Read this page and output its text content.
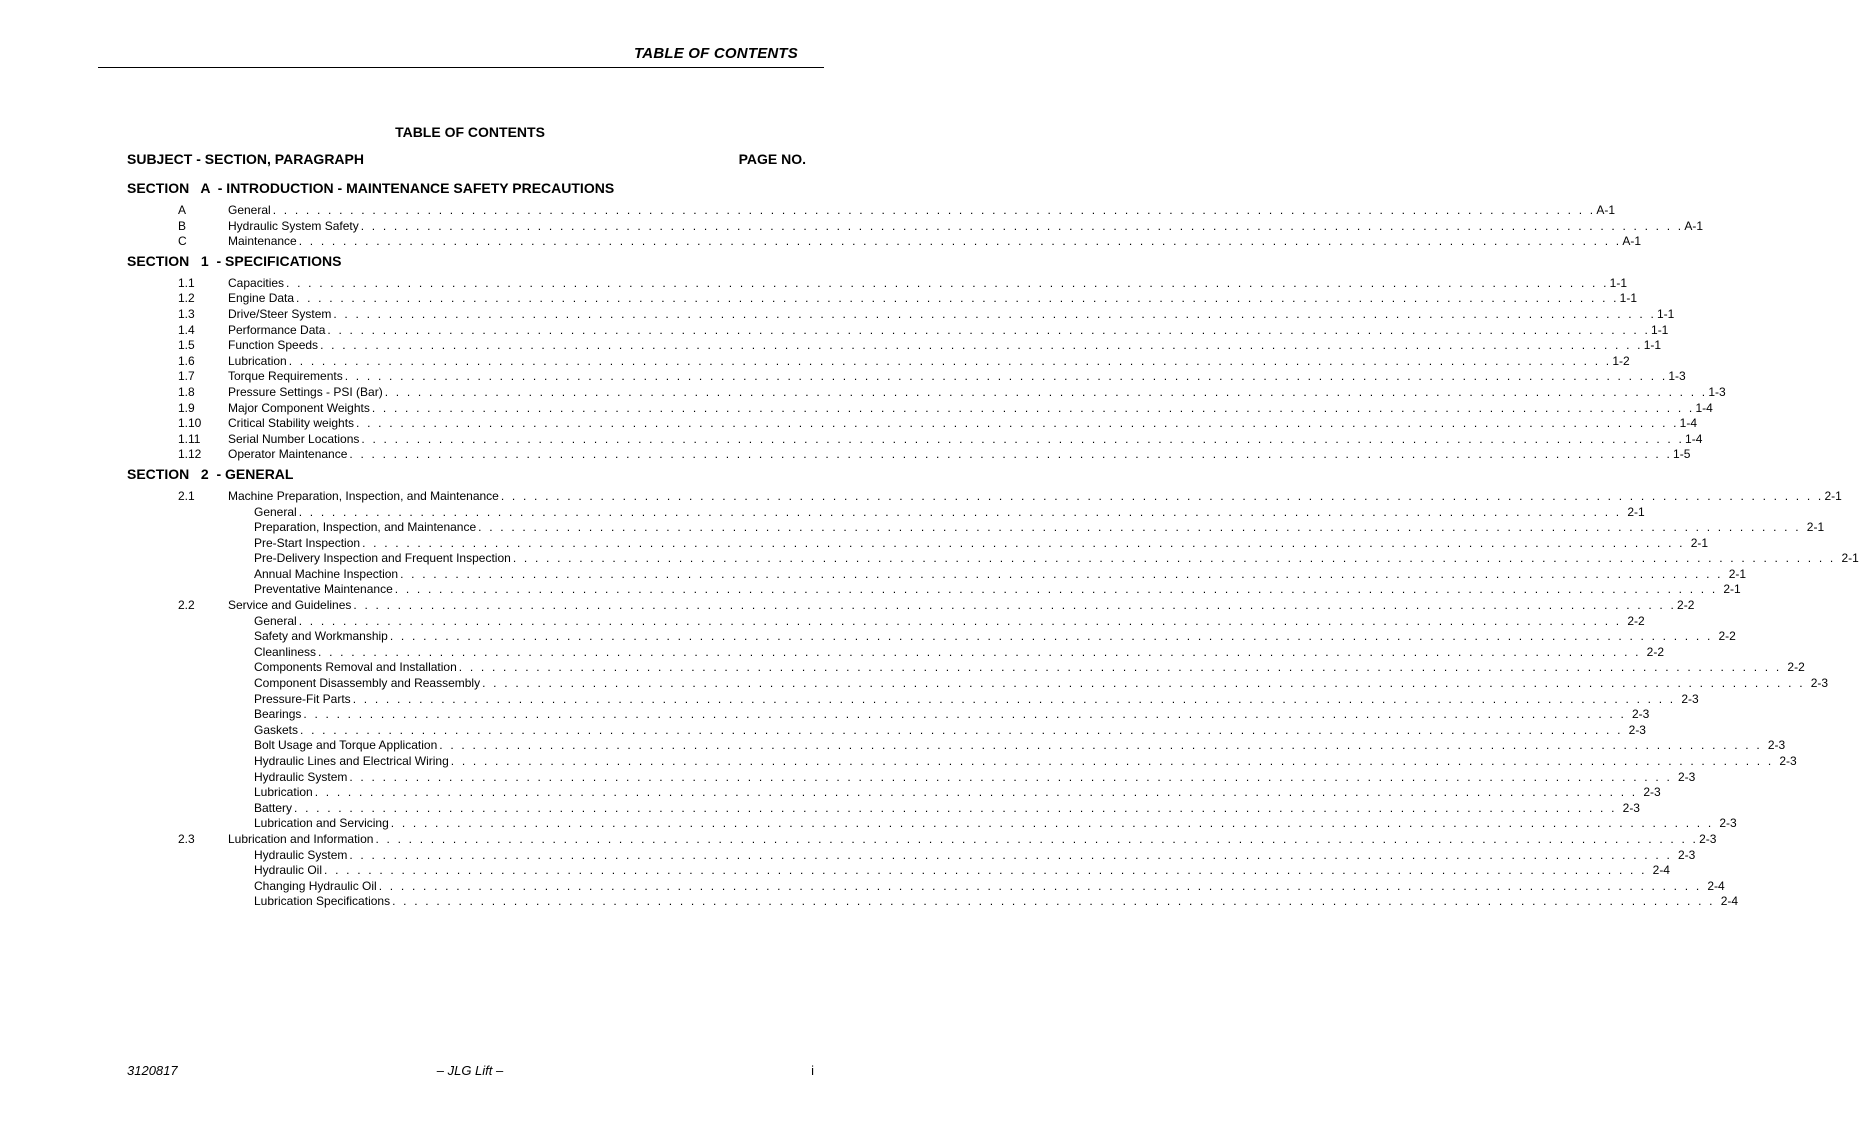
TABLE OF CONTENTS
TABLE OF CONTENTS
SUBJECT - SECTION, PARAGRAPH	PAGE NO.
SECTION   A  - INTRODUCTION - MAINTENANCE SAFETY PRECAUTIONS
A	General . . . . . . . . . . . . . . . . . . . . . . . . . . . . . . . . . . . . . . . . . . . . . . . . . . . . . . . . . . . . . . . . . . . . . . . . . . . . . . . . . . . . . . . . . . . . . . . . . . . . . . . . . . . . . . . . . . . . . . . . A-1
B	Hydraulic System Safety . . . . . . . . . . . . . . . . . . . . . . . . . . . . . . . . . . . . . . . . . . . . . . . . . . . . . . . . . . . . . . . . . . . . . . . . . . . . . . . . . . . . . . . . . . . . . . . . . . . . . . . . . . . . . . . . . . . . . . . . A-1
C	Maintenance . . . . . . . . . . . . . . . . . . . . . . . . . . . . . . . . . . . . . . . . . . . . . . . . . . . . . . . . . . . . . . . . . . . . . . . . . . . . . . . . . . . . . . . . . . . . . . . . . . . . . . . . . . . . . . . . . . . . . . . . A-1
SECTION   1  - SPECIFICATIONS
1.1	Capacities . . . . . . . . . . . . . . . . . . . . . . . . . . . . . . . . . . . . . . . . . . . . . . . . . . . . . . . . . . . . . . . . . . . . . . . . . . . . . . . . . . . . . . . . . . . . . . . . . . . . . . . . . . . . . . . . . . . . . . . . 1-1
1.2	Engine Data . . . . . . . . . . . . . . . . . . . . . . . . . . . . . . . . . . . . . . . . . . . . . . . . . . . . . . . . . . . . . . . . . . . . . . . . . . . . . . . . . . . . . . . . . . . . . . . . . . . . . . . . . . . . . . . . . . . . . . . . 1-1
1.3	Drive/Steer System . . . . . . . . . . . . . . . . . . . . . . . . . . . . . . . . . . . . . . . . . . . . . . . . . . . . . . . . . . . . . . . . . . . . . . . . . . . . . . . . . . . . . . . . . . . . . . . . . . . . . . . . . . . . . . . . . . . . . . . . 1-1
1.4	Performance Data . . . . . . . . . . . . . . . . . . . . . . . . . . . . . . . . . . . . . . . . . . . . . . . . . . . . . . . . . . . . . . . . . . . . . . . . . . . . . . . . . . . . . . . . . . . . . . . . . . . . . . . . . . . . . . . . . . . . . . . . 1-1
1.5	Function Speeds . . . . . . . . . . . . . . . . . . . . . . . . . . . . . . . . . . . . . . . . . . . . . . . . . . . . . . . . . . . . . . . . . . . . . . . . . . . . . . . . . . . . . . . . . . . . . . . . . . . . . . . . . . . . . . . . . . . . . . . . 1-1
1.6	Lubrication . . . . . . . . . . . . . . . . . . . . . . . . . . . . . . . . . . . . . . . . . . . . . . . . . . . . . . . . . . . . . . . . . . . . . . . . . . . . . . . . . . . . . . . . . . . . . . . . . . . . . . . . . . . . . . . . . . . . . . . . 1-2
1.7	Torque Requirements . . . . . . . . . . . . . . . . . . . . . . . . . . . . . . . . . . . . . . . . . . . . . . . . . . . . . . . . . . . . . . . . . . . . . . . . . . . . . . . . . . . . . . . . . . . . . . . . . . . . . . . . . . . . . . . . . . . . . . . . 1-3
1.8	Pressure Settings - PSI (Bar) . . . . . . . . . . . . . . . . . . . . . . . . . . . . . . . . . . . . . . . . . . . . . . . . . . . . . . . . . . . . . . . . . . . . . . . . . . . . . . . . . . . . . . . . . . . . . . . . . . . . . . . . . . . . . . . . . . . . . . . . 1-3
1.9	Major Component Weights . . . . . . . . . . . . . . . . . . . . . . . . . . . . . . . . . . . . . . . . . . . . . . . . . . . . . . . . . . . . . . . . . . . . . . . . . . . . . . . . . . . . . . . . . . . . . . . . . . . . . . . . . . . . . . . . . . . . . . . . 1-4
1.10 Critical Stability weights . . . . . . . . . . . . . . . . . . . . . . . . . . . . . . . . . . . . . . . . . . . . . . . . . . . . . . . . . . . . . . . . . . . . . . . . . . . . . . . . . . . . . . . . . . . . . . . . . . . . . . . . . . . . . . . . . . . . . . . . 1-4
1.11 Serial Number Locations . . . . . . . . . . . . . . . . . . . . . . . . . . . . . . . . . . . . . . . . . . . . . . . . . . . . . . . . . . . . . . . . . . . . . . . . . . . . . . . . . . . . . . . . . . . . . . . . . . . . . . . . . . . . . . . . . . . . . . . . 1-4
1.12 Operator Maintenance . . . . . . . . . . . . . . . . . . . . . . . . . . . . . . . . . . . . . . . . . . . . . . . . . . . . . . . . . . . . . . . . . . . . . . . . . . . . . . . . . . . . . . . . . . . . . . . . . . . . . . . . . . . . . . . . . . . . . . . . 1-5
SECTION   2  - GENERAL
2.1	Machine Preparation, Inspection, and Maintenance . . . . . . . . . . . . . . . . . . . . . . . . . . . . . . . . . . . . . . . . . . . . . . . . . . . . . . . . . . . . . . . . . . . . . . . . . . . . . . . . . . . . . . . . . . . . . . . . . . . . . . . . . . . . . . . . . . . . . . . . 2-1
General . . . . . . . . . . . . . . . . . . . . . . . . . . . . . . . . . . . . . . . . . . . . . . . . . . . . . . . . . . . . . . . . . . . . . . . . . . . . . . . . . . . . . . . . . . . . . . . . . . . . . . . . . . . . . . . . . . . . . . . . 2-1
Preparation, Inspection, and Maintenance . . . . . . . . . . . . . . . . . . . . . . . . . . . . . . . . . . . . . . . . . . . . . . . . . . . . . . . . . . . . . . . . . . . . . . . . . . . . . . . . . . . . . . . . . . . . . . . . . . . . . . . . . . . . . . . . . . . . . . . . 2-1
Pre-Start Inspection . . . . . . . . . . . . . . . . . . . . . . . . . . . . . . . . . . . . . . . . . . . . . . . . . . . . . . . . . . . . . . . . . . . . . . . . . . . . . . . . . . . . . . . . . . . . . . . . . . . . . . . . . . . . . . . . . . . . . . . . 2-1
Pre-Delivery Inspection and Frequent Inspection . . . . . . . . . . . . . . . . . . . . . . . . . . . . . . . . . . . . . . . . . . . . . . . . . . . . . . . . . . . . . . . . . . . . . . . . . . . . . . . . . . . . . . . . . . . . . . . . . . . . . . . . . . . . . . . . . . . . . . . . 2-1
Annual Machine Inspection . . . . . . . . . . . . . . . . . . . . . . . . . . . . . . . . . . . . . . . . . . . . . . . . . . . . . . . . . . . . . . . . . . . . . . . . . . . . . . . . . . . . . . . . . . . . . . . . . . . . . . . . . . . . . . . . . . . . . . . . 2-1
Preventative Maintenance . . . . . . . . . . . . . . . . . . . . . . . . . . . . . . . . . . . . . . . . . . . . . . . . . . . . . . . . . . . . . . . . . . . . . . . . . . . . . . . . . . . . . . . . . . . . . . . . . . . . . . . . . . . . . . . . . . . . . . . . 2-1
2.2	Service and Guidelines . . . . . . . . . . . . . . . . . . . . . . . . . . . . . . . . . . . . . . . . . . . . . . . . . . . . . . . . . . . . . . . . . . . . . . . . . . . . . . . . . . . . . . . . . . . . . . . . . . . . . . . . . . . . . . . . . . . . . . . . 2-2
General . . . . . . . . . . . . . . . . . . . . . . . . . . . . . . . . . . . . . . . . . . . . . . . . . . . . . . . . . . . . . . . . . . . . . . . . . . . . . . . . . . . . . . . . . . . . . . . . . . . . . . . . . . . . . . . . . . . . . . . . 2-2
Safety and Workmanship . . . . . . . . . . . . . . . . . . . . . . . . . . . . . . . . . . . . . . . . . . . . . . . . . . . . . . . . . . . . . . . . . . . . . . . . . . . . . . . . . . . . . . . . . . . . . . . . . . . . . . . . . . . . . . . . . . . . . . . . 2-2
Cleanliness . . . . . . . . . . . . . . . . . . . . . . . . . . . . . . . . . . . . . . . . . . . . . . . . . . . . . . . . . . . . . . . . . . . . . . . . . . . . . . . . . . . . . . . . . . . . . . . . . . . . . . . . . . . . . . . . . . . . . . . . 2-2
Components Removal and Installation . . . . . . . . . . . . . . . . . . . . . . . . . . . . . . . . . . . . . . . . . . . . . . . . . . . . . . . . . . . . . . . . . . . . . . . . . . . . . . . . . . . . . . . . . . . . . . . . . . . . . . . . . . . . . . . . . . . . . . . . 2-2
Component Disassembly and Reassembly . . . . . . . . . . . . . . . . . . . . . . . . . . . . . . . . . . . . . . . . . . . . . . . . . . . . . . . . . . . . . . . . . . . . . . . . . . . . . . . . . . . . . . . . . . . . . . . . . . . . . . . . . . . . . . . . . . . . . . . . 2-3
Pressure-Fit Parts . . . . . . . . . . . . . . . . . . . . . . . . . . . . . . . . . . . . . . . . . . . . . . . . . . . . . . . . . . . . . . . . . . . . . . . . . . . . . . . . . . . . . . . . . . . . . . . . . . . . . . . . . . . . . . . . . . . . . . . . 2-3
Bearings . . . . . . . . . . . . . . . . . . . . . . . . . . . . . . . . . . . . . . . . . . . . . . . . . . . . . . . . . . . . . . . . . . . . . . . . . . . . . . . . . . . . . . . . . . . . . . . . . . . . . . . . . . . . . . . . . . . . . . . . 2-3
Gaskets . . . . . . . . . . . . . . . . . . . . . . . . . . . . . . . . . . . . . . . . . . . . . . . . . . . . . . . . . . . . . . . . . . . . . . . . . . . . . . . . . . . . . . . . . . . . . . . . . . . . . . . . . . . . . . . . . . . . . . . . 2-3
Bolt Usage and Torque Application . . . . . . . . . . . . . . . . . . . . . . . . . . . . . . . . . . . . . . . . . . . . . . . . . . . . . . . . . . . . . . . . . . . . . . . . . . . . . . . . . . . . . . . . . . . . . . . . . . . . . . . . . . . . . . . . . . . . . . . . 2-3
Hydraulic Lines and Electrical Wiring . . . . . . . . . . . . . . . . . . . . . . . . . . . . . . . . . . . . . . . . . . . . . . . . . . . . . . . . . . . . . . . . . . . . . . . . . . . . . . . . . . . . . . . . . . . . . . . . . . . . . . . . . . . . . . . . . . . . . . . . 2-3
Hydraulic System . . . . . . . . . . . . . . . . . . . . . . . . . . . . . . . . . . . . . . . . . . . . . . . . . . . . . . . . . . . . . . . . . . . . . . . . . . . . . . . . . . . . . . . . . . . . . . . . . . . . . . . . . . . . . . . . . . . . . . . . 2-3
Lubrication . . . . . . . . . . . . . . . . . . . . . . . . . . . . . . . . . . . . . . . . . . . . . . . . . . . . . . . . . . . . . . . . . . . . . . . . . . . . . . . . . . . . . . . . . . . . . . . . . . . . . . . . . . . . . . . . . . . . . . . . 2-3
Battery . . . . . . . . . . . . . . . . . . . . . . . . . . . . . . . . . . . . . . . . . . . . . . . . . . . . . . . . . . . . . . . . . . . . . . . . . . . . . . . . . . . . . . . . . . . . . . . . . . . . . . . . . . . . . . . . . . . . . . . . 2-3
Lubrication and Servicing . . . . . . . . . . . . . . . . . . . . . . . . . . . . . . . . . . . . . . . . . . . . . . . . . . . . . . . . . . . . . . . . . . . . . . . . . . . . . . . . . . . . . . . . . . . . . . . . . . . . . . . . . . . . . . . . . . . . . . . . 2-3
2.3	Lubrication and Information . . . . . . . . . . . . . . . . . . . . . . . . . . . . . . . . . . . . . . . . . . . . . . . . . . . . . . . . . . . . . . . . . . . . . . . . . . . . . . . . . . . . . . . . . . . . . . . . . . . . . . . . . . . . . . . . . . . . . . . . 2-3
Hydraulic System . . . . . . . . . . . . . . . . . . . . . . . . . . . . . . . . . . . . . . . . . . . . . . . . . . . . . . . . . . . . . . . . . . . . . . . . . . . . . . . . . . . . . . . . . . . . . . . . . . . . . . . . . . . . . . . . . . . . . . . . 2-3
Hydraulic Oil . . . . . . . . . . . . . . . . . . . . . . . . . . . . . . . . . . . . . . . . . . . . . . . . . . . . . . . . . . . . . . . . . . . . . . . . . . . . . . . . . . . . . . . . . . . . . . . . . . . . . . . . . . . . . . . . . . . . . . . . 2-4
Changing Hydraulic Oil . . . . . . . . . . . . . . . . . . . . . . . . . . . . . . . . . . . . . . . . . . . . . . . . . . . . . . . . . . . . . . . . . . . . . . . . . . . . . . . . . . . . . . . . . . . . . . . . . . . . . . . . . . . . . . . . . . . . . . . . 2-4
Lubrication Specifications . . . . . . . . . . . . . . . . . . . . . . . . . . . . . . . . . . . . . . . . . . . . . . . . . . . . . . . . . . . . . . . . . . . . . . . . . . . . . . . . . . . . . . . . . . . . . . . . . . . . . . . . . . . . . . . . . . . . . . . . 2-4
3120817	– JLG Lift –	i
